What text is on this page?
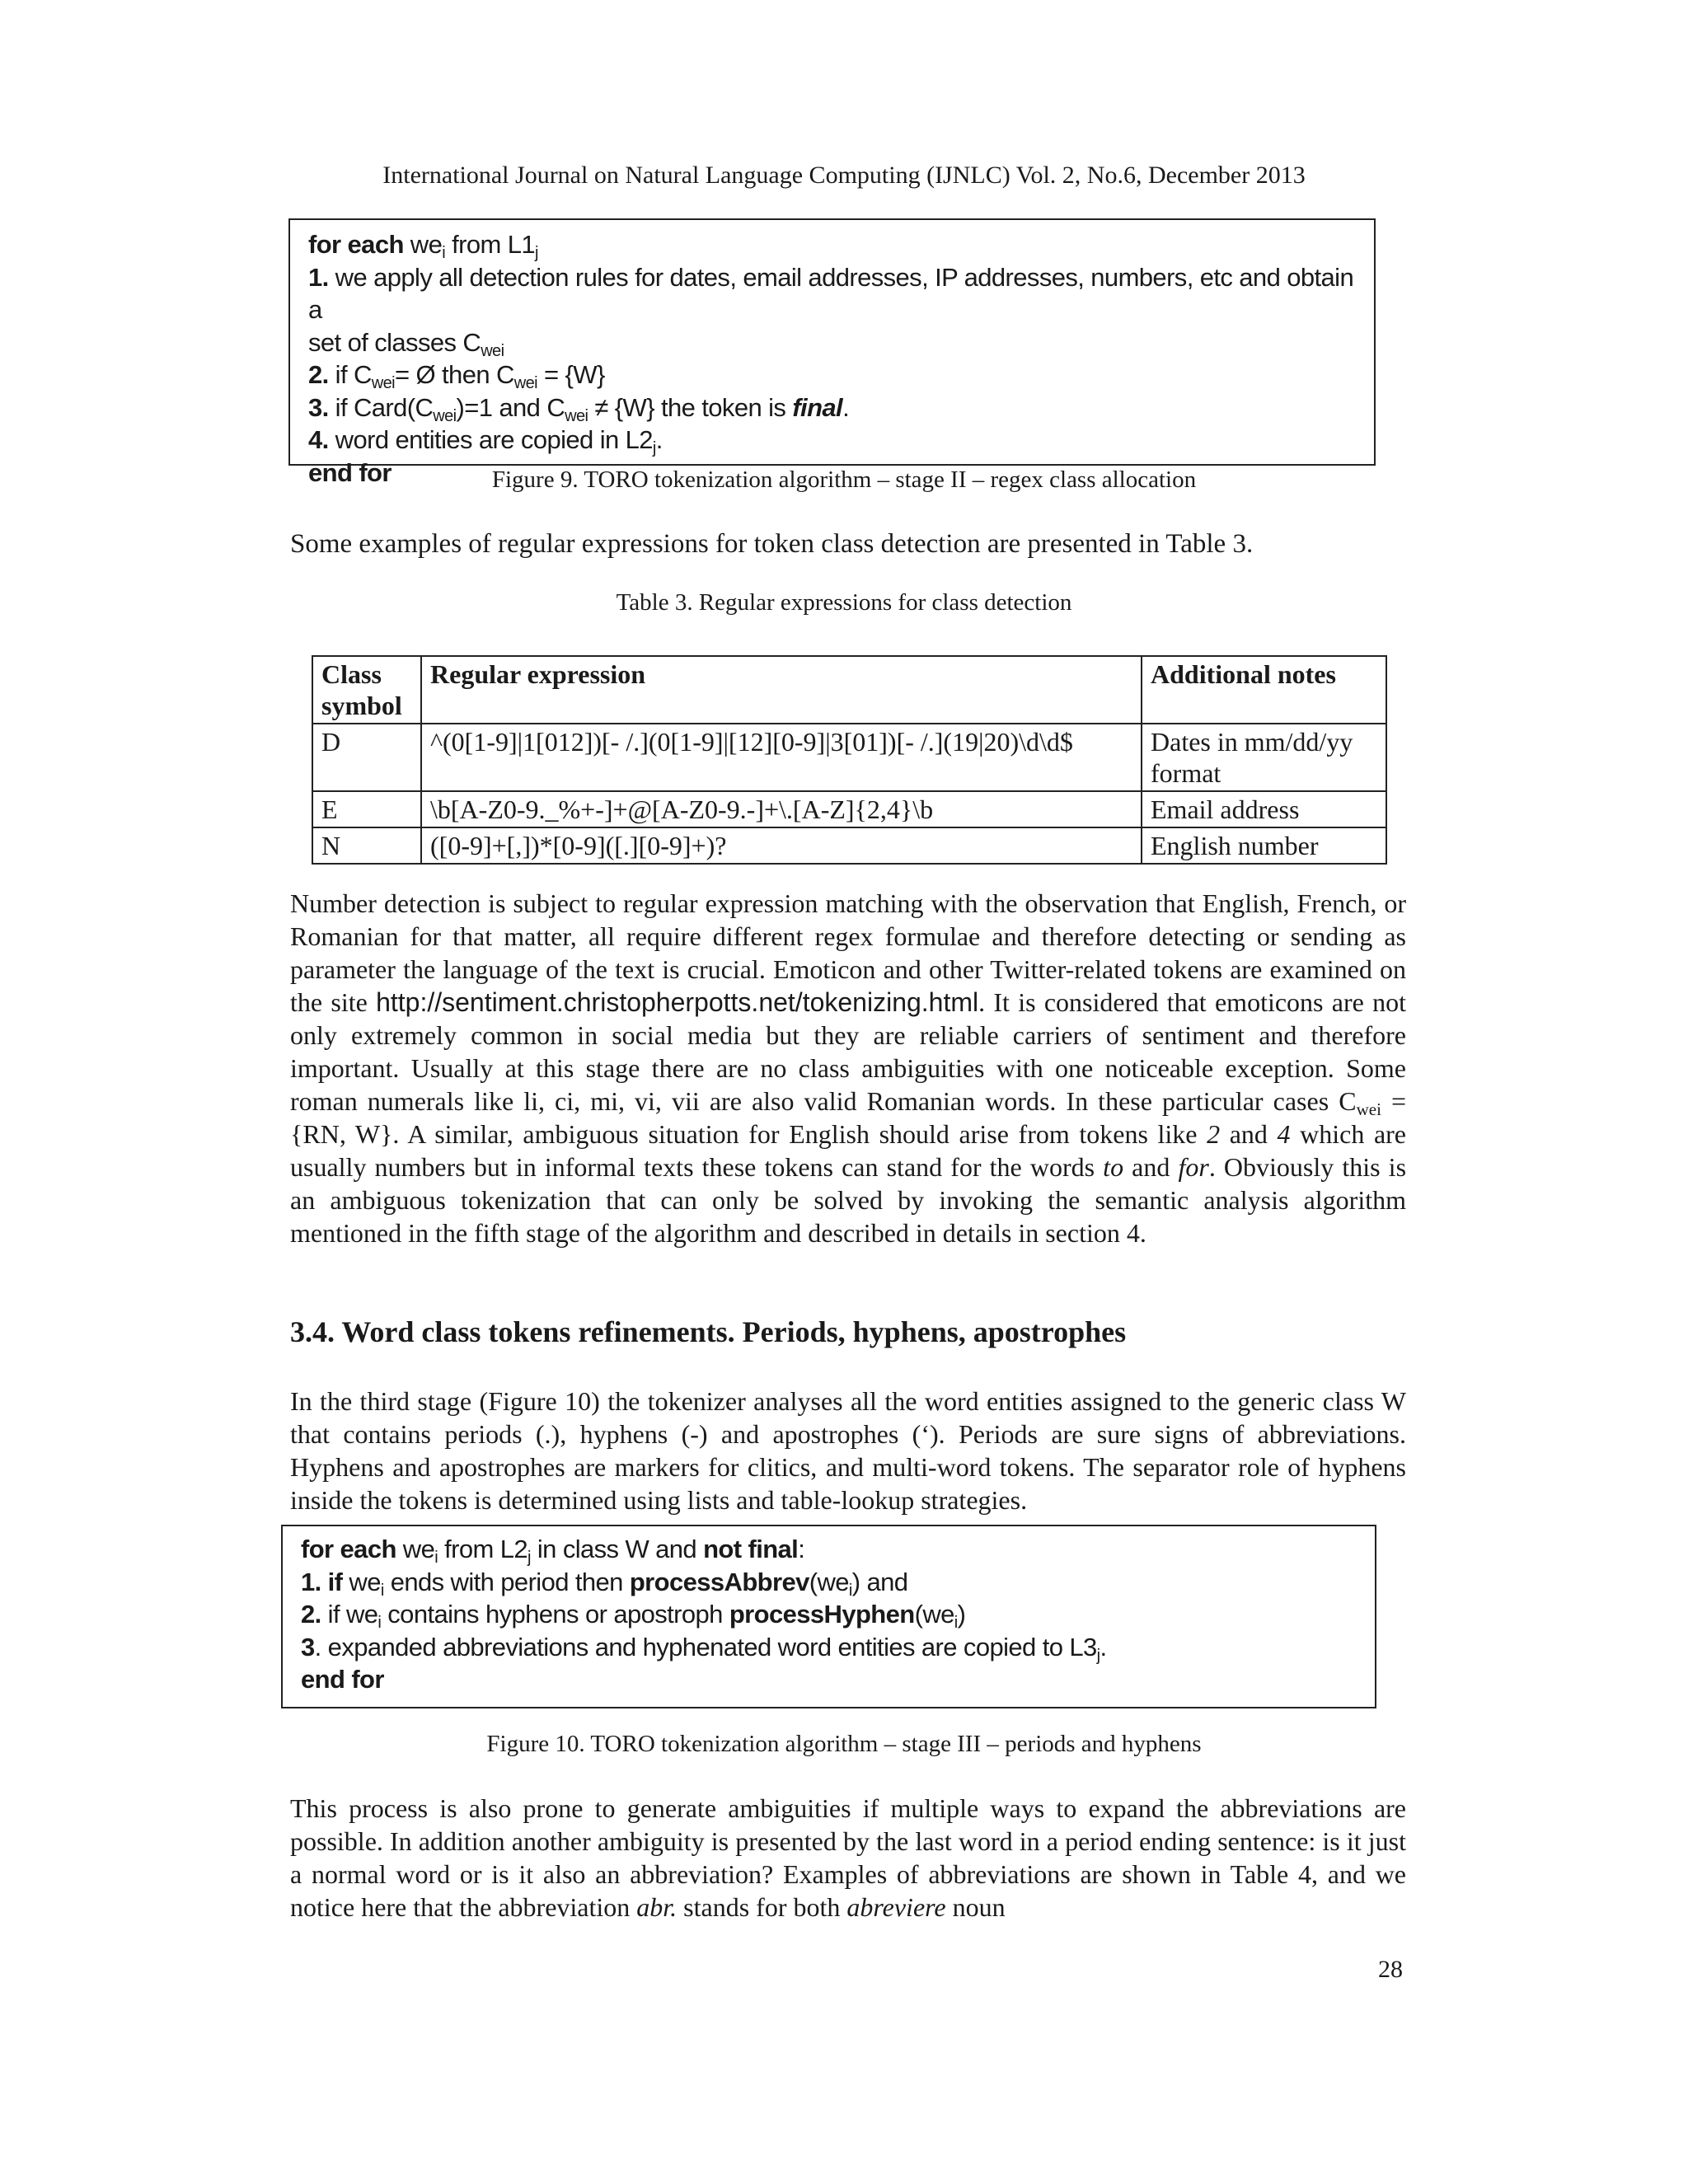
International Journal on Natural Language Computing (IJNLC) Vol. 2, No.6, December 2013
for each $we_i$ from $L1_j$
1. we apply all detection rules for dates, email addresses, IP addresses, numbers, etc and obtain a
set of classes $C_{wei}$
2. if $C_{wei}=$ Ø then $C_{wei} = \{W\}$
3. if $Card(C_{wei})=1$ and $C_{wei} \ne \{W\}$ the token is final.
4. word entities are copied in $L2_j$.
end for	Figure 9. TORO tokenization algorithm – stage II – regex class allocation
Some examples of regular expressions for token class detection are presented in Table 3.
Table 3. Regular expressions for class detection
Class symbol	Regular expression	Additional notes
D	^(0[1-9]|1[012])[- /.](0[1-9]|[12][0-9]|3[01])[- /.](19|20)\d\d$	Dates in mm/dd/yy format
E	\b[A-Z0-9._%+-]+@[A-Z0-9.-]+\.[A-Z]{2,4}\b	Email address
N	([0-9]+[,])*[0-9]([.][0-9]+)?	English number
Number detection is subject to regular expression matching with the observation that English, French, or Romanian for that matter, all require different regex formulae and therefore detecting or sending as parameter the language of the text is crucial. Emoticon and other Twitter-related tokens are examined on the site http://sentiment.christopherpotts.net/tokenizing.html. It is considered that emoticons are not only extremely common in social media but they are reliable carriers of sentiment and therefore important. Usually at this stage there are no class ambiguities with one noticeable exception. Some roman numerals like li, ci, mi, vi, vii are also valid Romanian words. In these particular cases $C_{wei} = \{RN$, W}. A similar, ambiguous situation for English should arise from tokens like 2 and 4 which are usually numbers but in informal texts these tokens can stand for the words to and for. Obviously this is an ambiguous tokenization that can only be solved by invoking the semantic analysis algorithm mentioned in the fifth stage of the algorithm and described in details in section 4.
3.4. Word class tokens refinements. Periods, hyphens, apostrophes
In the third stage (Figure 10) the tokenizer analyses all the word entities assigned to the generic class W that contains periods (.), hyphens (-) and apostrophes (‘). Periods are sure signs of abbreviations. Hyphens and apostrophes are markers for clitics, and multi-word tokens. The separator role of hyphens inside the tokens is determined using lists and table-lookup strategies.
for each $we_i$ from $L2_j$ in class W and not final:
1. if $we_i$ ends with period then $processAbbrev(we_i)$ and
2. if $we_i$ contains hyphens or apostroph $processHyphen(we_i)$
3. expanded abbreviations and hyphenated word entities are copied to $L3_j$.
end for
Figure 10. TORO tokenization algorithm – stage III – periods and hyphens
This process is also prone to generate ambiguities if multiple ways to expand the abbreviations are possible. In addition another ambiguity is presented by the last word in a period ending sentence: is it just a normal word or is it also an abbreviation? Examples of abbreviations are shown in Table 4, and we notice here that the abbreviation abr. stands for both abreviere noun
28
